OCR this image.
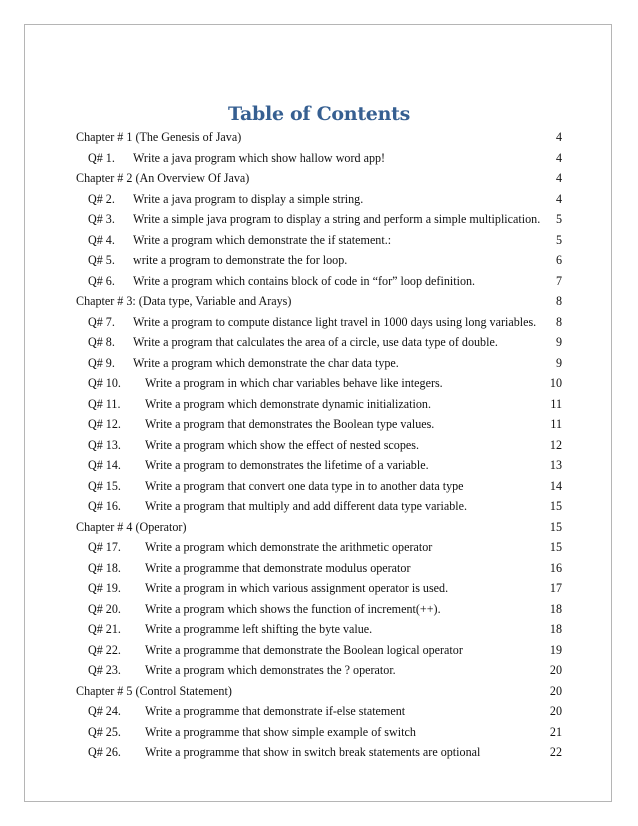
Table of Contents
Chapter # 1 (The Genesis of Java)	4
Q# 1. Write a java program which show hallow word app!	4
Chapter # 2 (An Overview Of Java)	4
Q# 2. Write a java program to display a simple string.	4
Q# 3. Write a simple java program to display a string and perform a simple multiplication. 5
Q# 4. Write a program which demonstrate the if statement.:	5
Q# 5. write a program to demonstrate the for loop.	6
Q# 6. Write a program which contains block of code in “for” loop definition.	7
Chapter # 3: (Data type, Variable and Arays)	8
Q# 7. Write a program to compute distance light travel in 1000 days using long variables. 8
Q# 8. Write a program that calculates the area of a circle, use data type of double.	9
Q# 9. Write a program which demonstrate the char data type.	9
Q# 10. Write a program in which char variables behave like integers.	10
Q# 11. Write a program which demonstrate dynamic initialization.	11
Q# 12. Write a program that demonstrates the Boolean type values.	11
Q# 13. Write a program which show the effect of nested scopes.	12
Q# 14. Write a program to demonstrates the lifetime of a variable.	13
Q# 15. Write a program that convert one data type in to another data type	14
Q# 16. Write a program that multiply and add different data type variable.	15
Chapter # 4 (Operator)	15
Q# 17. Write a program which demonstrate the arithmetic operator	15
Q# 18. Write a programme that demonstrate modulus operator	16
Q# 19. Write a program in which various assignment operator is used.	17
Q# 20. Write a program which shows the function of increment(++).	18
Q# 21. Write a programme left shifting the byte value.	18
Q# 22. Write a programme that demonstrate the Boolean logical operator	19
Q# 23. Write a program which demonstrates the ? operator.	20
Chapter # 5 (Control Statement)	20
Q# 24. Write a programme that demonstrate if-else statement	20
Q# 25. Write a programme that show simple example of switch	21
Q# 26. Write a programme that show in switch break statements are optional	22
